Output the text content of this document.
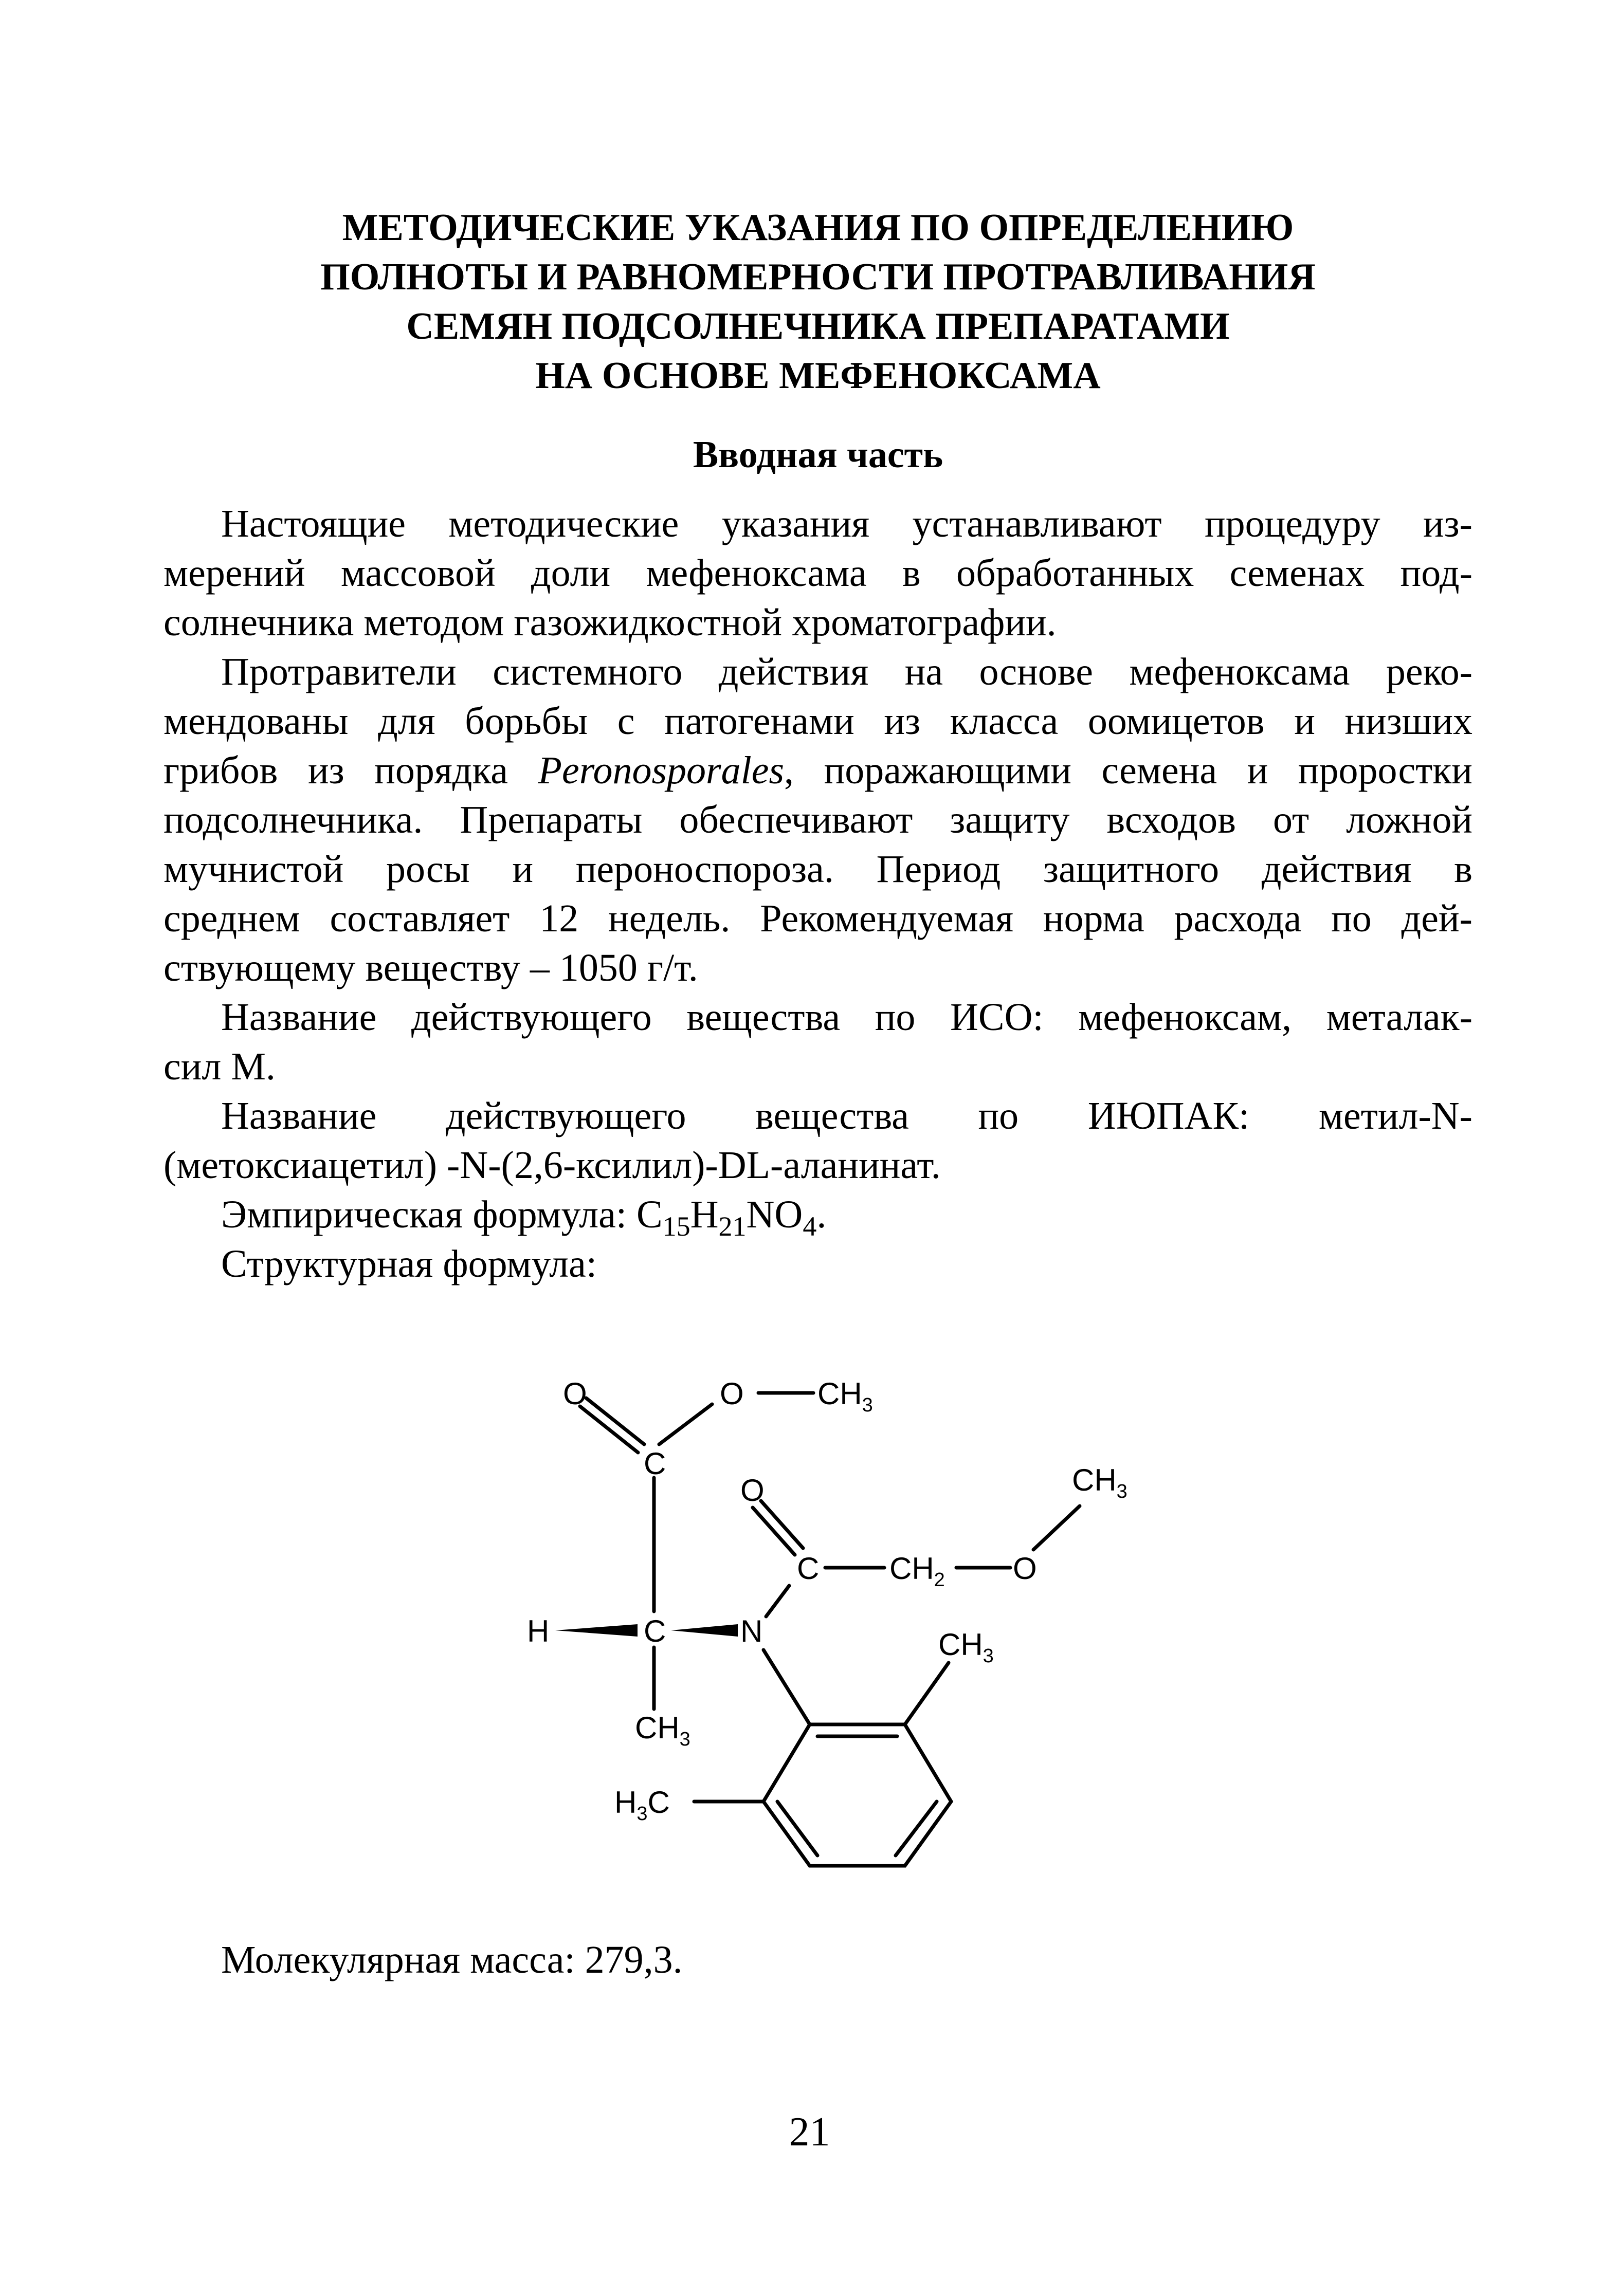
МЕТОДИЧЕСКИЕ УКАЗАНИЯ ПО ОПРЕДЕЛЕНИЮ
ПОЛНОТЫ И РАВНОМЕРНОСТИ ПРОТРАВЛИВАНИЯ
СЕМЯН ПОДСОЛНЕЧНИКА ПРЕПАРАТАМИ
НА ОСНОВЕ МЕФЕНОКСАМА
Вводная часть

Настоящие методические указания устанавливают процедуру из-
мерений массовой доли мефеноксама в обработанных семенах под-
солнечника методом газожидкостной хроматографии.

Протравители системного действия на основе мефеноксама реко-
мендованы для борьбы с патогенами из класса оомицетов и низших
грибов из порядка Peronosporales, поражающими семена и проростки
подсолнечника. Препараты обеспечивают защиту всходов от ложной
мучнистой росы и пероноспороза. Период защитного действия в
среднем составляет 12 недель. Рекомендуемая норма расхода по дей-
ствующему веществу – 1050 г/т.

Название действующего вещества по ИСО: мефеноксам, металак-
сил М.

Название действующего вещества по ИЮПАК: метил-N-
(метоксиацетил) -N-(2,6-ксилил)-DL-аланинат.

Эмпирическая формула: $C_{15}H_{21}NO_4$.

Структурная формула:

O	O $CH_3$
C
O	$CH_3$
C $CH_2$ O
H	C N
$CH_3$
$CH_3$
$H_3C$
Молекулярная масса: 279,3.
21
